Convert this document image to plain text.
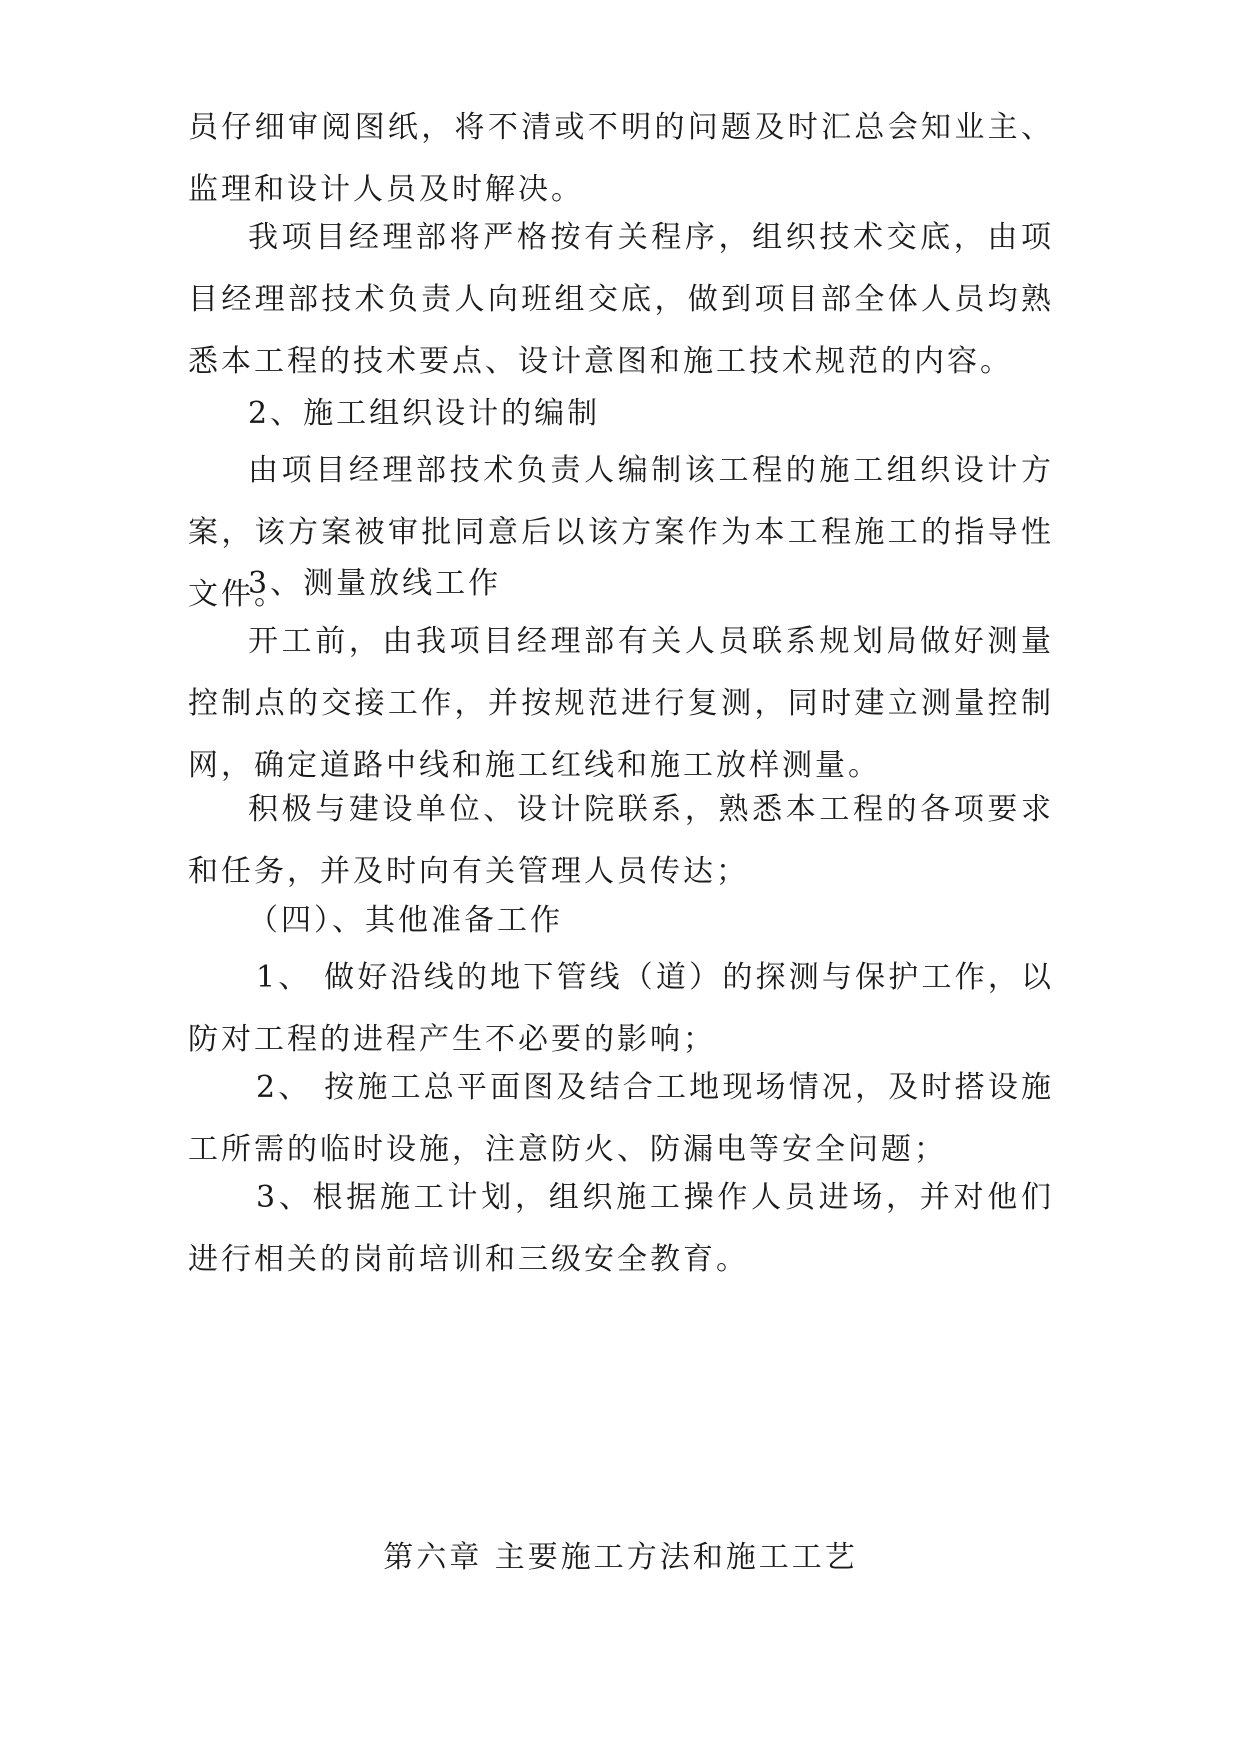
员仔细审阅图纸，将不清或不明的问题及时汇总会知业主、监理和设计人员及时解决。

我项目经理部将严格按有关程序，组织技术交底，由项目经理部技术负责人向班组交底，做到项目部全体人员均熟悉本工程的技术要点、设计意图和施工技术规范的内容。

2、施工组织设计的编制

由项目经理部技术负责人编制该工程的施工组织设计方案，该方案被审批同意后以该方案作为本工程施工的指导性文件。

3、测量放线工作

开工前，由我项目经理部有关人员联系规划局做好测量控制点的交接工作，并按规范进行复测，同时建立测量控制网，确定道路中线和施工红线和施工放样测量。

积极与建设单位、设计院联系，熟悉本工程的各项要求和任务，并及时向有关管理人员传达；

（四）、其他准备工作

1、 做好沿线的地下管线（道）的探测与保护工作，以防对工程的进程产生不必要的影响；

2、 按施工总平面图及结合工地现场情况，及时搭设施工所需的临时设施，注意防火、防漏电等安全问题；

3、根据施工计划，组织施工操作人员进场，并对他们进行相关的岗前培训和三级安全教育。

第六章 主要施工方法和施工工艺
